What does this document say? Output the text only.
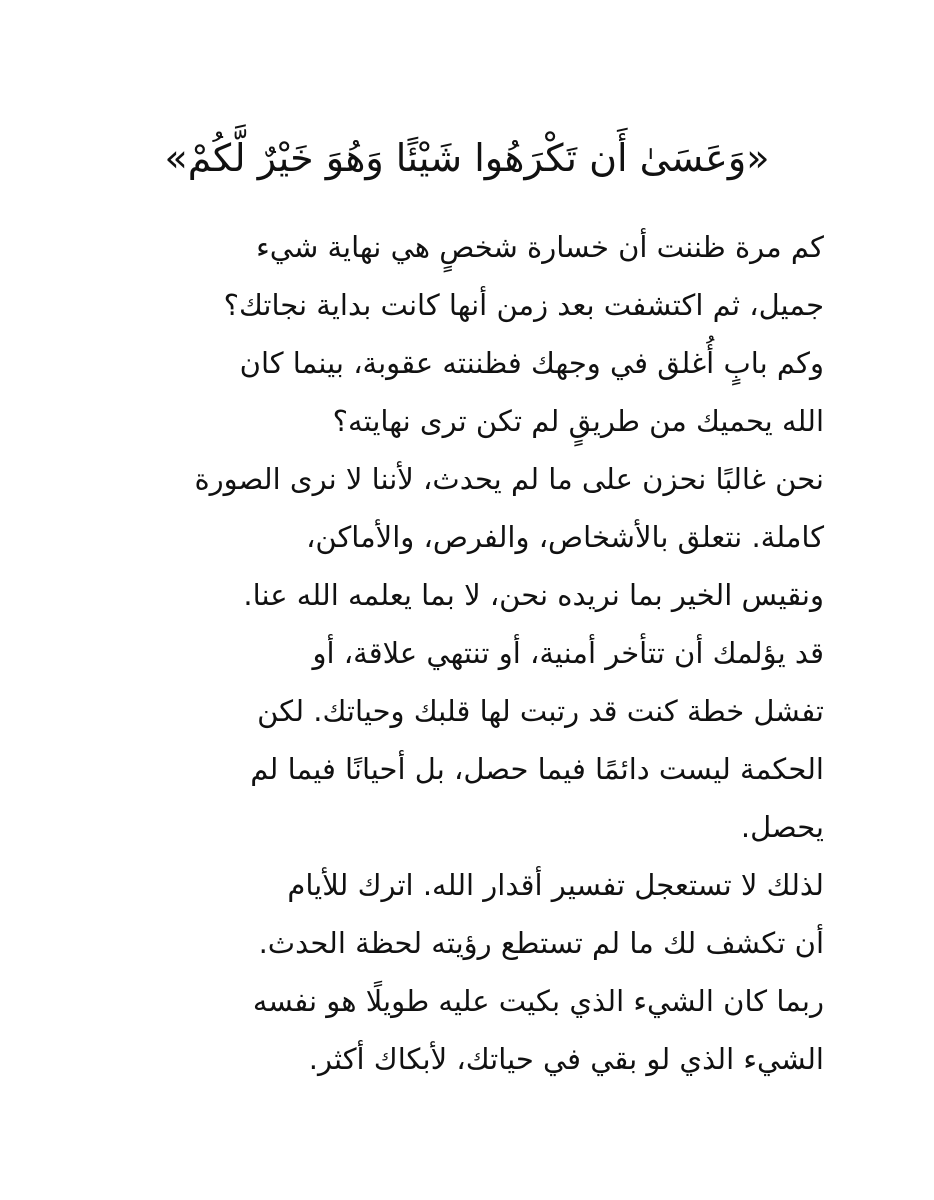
«وَعَسَىٰ أَن تَكْرَهُوا شَيْئًا وَهُوَ خَيْرٌ لَّكُمْ»
كم مرة ظننت أن خسارة شخصٍ هي نهاية شيء
جميل، ثم اكتشفت بعد زمن أنها كانت بداية نجاتك؟
وكم بابٍ أُغلق في وجهك فظننته عقوبة، بينما كان
الله يحميك من طريقٍ لم تكن ترى نهايته؟
نحن غالبًا نحزن على ما لم يحدث، لأننا لا نرى الصورة
كاملة. نتعلق بالأشخاص، والفرص، والأماكن،
ونقيس الخير بما نريده نحن، لا بما يعلمه الله عنا.
قد يؤلمك أن تتأخر أمنية، أو تنتهي علاقة، أو
تفشل خطة كنت قد رتبت لها قلبك وحياتك. لكن
الحكمة ليست دائمًا فيما حصل، بل أحيانًا فيما لم
يحصل.
لذلك لا تستعجل تفسير أقدار الله. اترك للأيام
أن تكشف لك ما لم تستطع رؤيته لحظة الحدث.
ربما كان الشيء الذي بكيت عليه طويلًا هو نفسه
الشيء الذي لو بقي في حياتك، لأبكاك أكثر.
